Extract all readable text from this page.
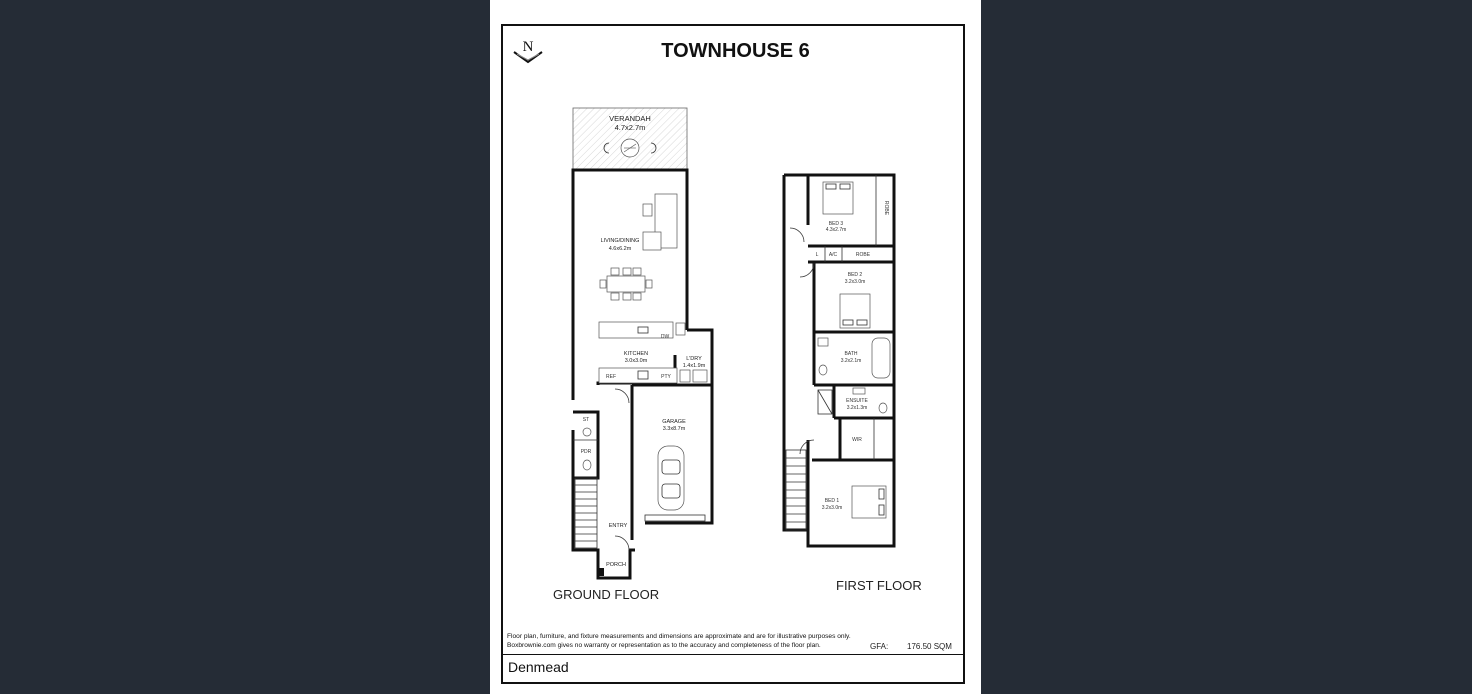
N
VERANDAH
4.7x2.7m
LIVING/DINING
4.6x6.2m
KITCHEN
3.0x3.0m	L'DRY
1.4x1.9m
GARAGE
3.3x8.7m
DW
REF	PTY
ST
PDR
ENTRY
PORCH
BED 3
4.3x2.7m
ROBE
ROBE
A/C
L
BED 2
3.2x3.0m
BATH
3.2x2.1m
ENSUITE
3.2x1.3m
WIR
BED 1
3.2x3.0m
TOWNHOUSE 6
GROUND FLOOR
FIRST FLOOR
Floor plan, furniture, and fixture measurements and dimensions are approximate and are for illustrative purposes only.
Boxbrownie.com gives no warranty or representation as to the accuracy and completeness of the floor plan.	GFA: 176.50 SQM
Denmead
